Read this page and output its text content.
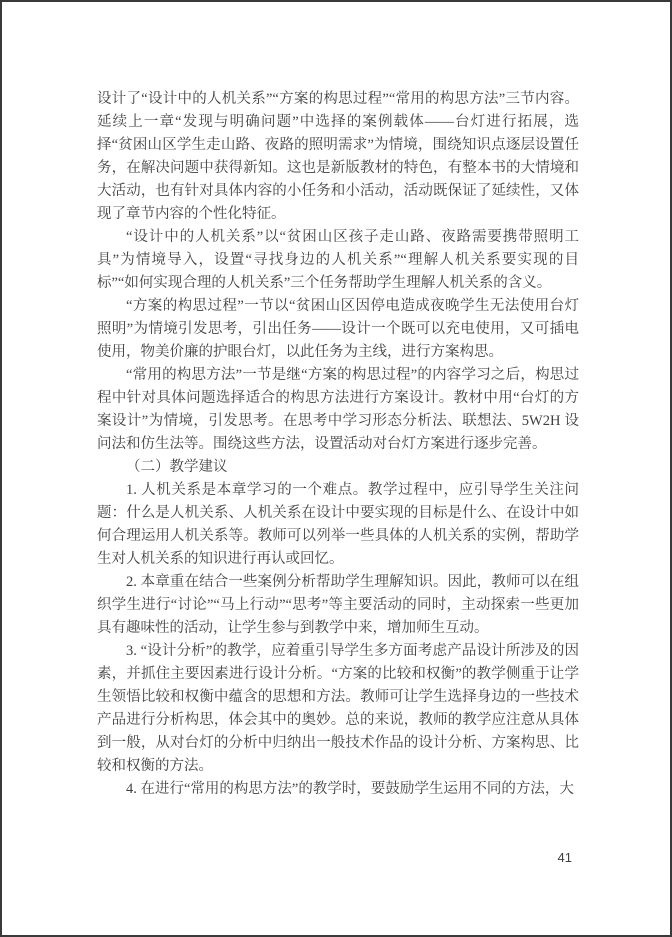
设计了“设计中的人机关系”“方案的构思过程”“常用的构思方法”三节内容。延续上一章“发现与明确问题”中选择的案例载体——台灯进行拓展，选择“贫困山区学生走山路、夜路的照明需求”为情境，围绕知识点逐层设置任务，在解决问题中获得新知。这也是新版教材的特色，有整本书的大情境和大活动，也有针对具体内容的小任务和小活动，活动既保证了延续性，又体现了章节内容的个性化特征。

“设计中的人机关系”以“贫困山区孩子走山路、夜路需要携带照明工具”为情境导入，设置“寻找身边的人机关系”“理解人机关系要实现的目标”“如何实现合理的人机关系”三个任务帮助学生理解人机关系的含义。

“方案的构思过程”一节以“贫困山区因停电造成夜晚学生无法使用台灯照明”为情境引发思考，引出任务——设计一个既可以充电使用，又可插电使用，物美价廉的护眼台灯，以此任务为主线，进行方案构思。

“常用的构思方法”一节是继“方案的构思过程”的内容学习之后，构思过程中针对具体问题选择适合的构思方法进行方案设计。教材中用“台灯的方案设计”为情境，引发思考。在思考中学习形态分析法、联想法、5W2H 设问法和仿生法等。围绕这些方法，设置活动对台灯方案进行逐步完善。

（二）教学建议

1. 人机关系是本章学习的一个难点。教学过程中，应引导学生关注问题：什么是人机关系、人机关系在设计中要实现的目标是什么、在设计中如何合理运用人机关系等。教师可以列举一些具体的人机关系的实例，帮助学生对人机关系的知识进行再认或回忆。

2. 本章重在结合一些案例分析帮助学生理解知识。因此，教师可以在组织学生进行“讨论”“马上行动”“思考”等主要活动的同时，主动探索一些更加具有趣味性的活动，让学生参与到教学中来，增加师生互动。

3. “设计分析”的教学，应着重引导学生多方面考虑产品设计所涉及的因素，并抓住主要因素进行设计分析。“方案的比较和权衡”的教学侧重于让学生领悟比较和权衡中蕴含的思想和方法。教师可让学生选择身边的一些技术产品进行分析构思，体会其中的奥妙。总的来说，教师的教学应注意从具体到一般，从对台灯的分析中归纳出一般技术作品的设计分析、方案构思、比较和权衡的方法。

4. 在进行“常用的构思方法”的教学时，要鼓励学生运用不同的方法，大

41
